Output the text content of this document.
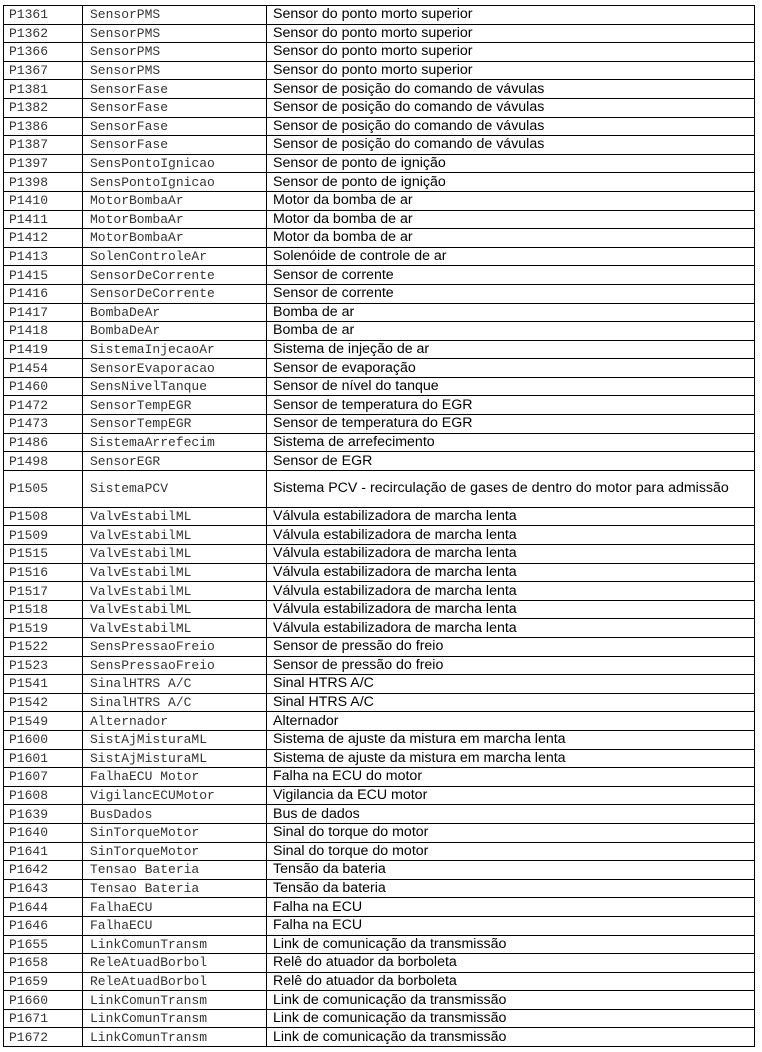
P1361	SensorPMS	Sensor do ponto morto superior
P1362	SensorPMS	Sensor do ponto morto superior
P1366	SensorPMS	Sensor do ponto morto superior
P1367	SensorPMS	Sensor do ponto morto superior
P1381	SensorFase	Sensor de posição do comando de vávulas
P1382	SensorFase	Sensor de posição do comando de vávulas
P1386	SensorFase	Sensor de posição do comando de vávulas
P1387	SensorFase	Sensor de posição do comando de vávulas
P1397	SensPontoIgnicao	Sensor de ponto de ignição
P1398	SensPontoIgnicao	Sensor de ponto de ignição
P1410	MotorBombaAr	Motor da bomba de ar
P1411	MotorBombaAr	Motor da bomba de ar
P1412	MotorBombaAr	Motor da bomba de ar
P1413	SolenControleAr	Solenóide de controle de ar
P1415	SensorDeCorrente	Sensor de corrente
P1416	SensorDeCorrente	Sensor de corrente
P1417	BombaDeAr	Bomba de ar
P1418	BombaDeAr	Bomba de ar
P1419	SistemaInjecaoAr	Sistema de injeção de ar
P1454	SensorEvaporacao	Sensor de evaporação
P1460	SensNivelTanque	Sensor de nível do tanque
P1472	SensorTempEGR	Sensor de temperatura do EGR
P1473	SensorTempEGR	Sensor de temperatura do EGR
P1486	SistemaArrefecim	Sistema de arrefecimento
P1498	SensorEGR	Sensor de EGR
P1505	SistemaPCV	Sistema PCV - recirculação de gases de dentro do motor para admissão
P1508	ValvEstabilML	Válvula estabilizadora de marcha lenta
P1509	ValvEstabilML	Válvula estabilizadora de marcha lenta
P1515	ValvEstabilML	Válvula estabilizadora de marcha lenta
P1516	ValvEstabilML	Válvula estabilizadora de marcha lenta
P1517	ValvEstabilML	Válvula estabilizadora de marcha lenta
P1518	ValvEstabilML	Válvula estabilizadora de marcha lenta
P1519	ValvEstabilML	Válvula estabilizadora de marcha lenta
P1522	SensPressaoFreio	Sensor de pressão do freio
P1523	SensPressaoFreio	Sensor de pressão do freio
P1541	SinalHTRS A/C	Sinal HTRS A/C
P1542	SinalHTRS A/C	Sinal HTRS A/C
P1549	Alternador	Alternador
P1600	SistAjMisturaML	Sistema de ajuste da mistura em marcha lenta
P1601	SistAjMisturaML	Sistema de ajuste da mistura em marcha lenta
P1607	FalhaECU Motor	Falha na ECU do motor
P1608	VigilancECUMotor	Vigilancia da ECU motor
P1639	BusDados	Bus de dados
P1640	SinTorqueMotor	Sinal do torque do motor
P1641	SinTorqueMotor	Sinal do torque do motor
P1642	Tensao Bateria	Tensão da bateria
P1643	Tensao Bateria	Tensão da bateria
P1644	FalhaECU	Falha na ECU
P1646	FalhaECU	Falha na ECU
P1655	LinkComunTransm	Link de comunicação da transmissão
P1658	ReleAtuadBorbol	Relê do atuador da borboleta
P1659	ReleAtuadBorbol	Relê do atuador da borboleta
P1660	LinkComunTransm	Link de comunicação da transmissão
P1671	LinkComunTransm	Link de comunicação da transmissão
P1672	LinkComunTransm	Link de comunicação da transmissão
